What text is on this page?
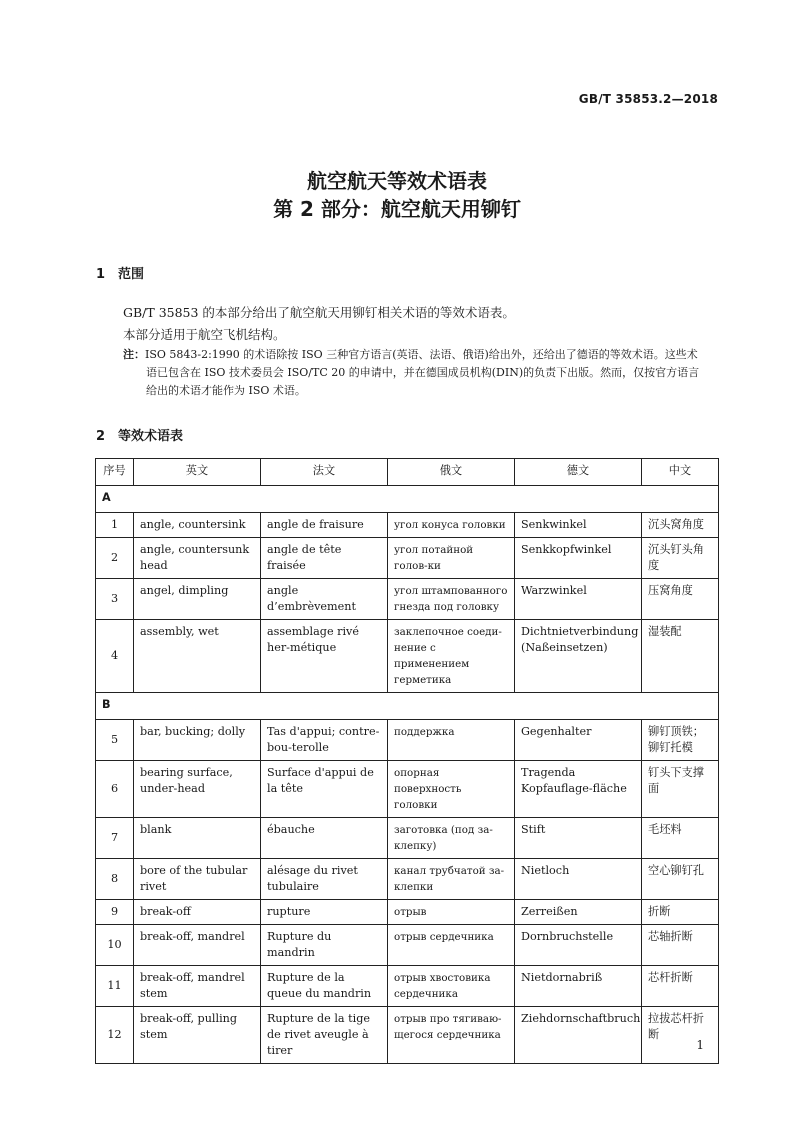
GB/T 35853.2—2018
航空航天等效术语表
第 2 部分：航空航天用铆钉
1 范围
GB/T 35853 的本部分给出了航空航天用铆钉相关术语的等效术语表。
本部分适用于航空飞机结构。
注：ISO 5843-2:1990 的术语除按 ISO 三种官方语言(英语、法语、俄语)给出外，还给出了德语的等效术语。这些术
语已包含在 ISO 技术委员会 ISO/TC 20 的申请中，并在德国成员机构(DIN)的负责下出版。然而，仅按官方语言
给出的术语才能作为 ISO 术语。
2 等效术语表
序号	英文	法文	俄文	德文	中文
A					
1	angle, countersink	angle de fraisure	угол конуса головки	Senkwinkel	沉头窝角度
2	angle, countersunk head	angle de tête fraisée	угол потайной голов-ки	Senkkopfwinkel	沉头钉头角度
3	angel, dimpling	angle d’embrèvement	угол штампованного гнезда под головку	Warzwinkel	压窝角度
4	assembly, wet	assemblage rivé her-métique	заклепочное соеди-нение с применением герметика	Dichtnietverbindung (Naßeinsetzen)	湿装配
B					
5	bar, bucking; dolly	Tas d'appui; contre-bou-terolle	поддержка	Gegenhalter	铆钉顶铁；铆钉托模
6	bearing surface, under-head	Surface d'appui de la tête	опорная поверхность головки	Tragenda Kopfauflage-fläche	钉头下支撑面
7	blank	ébauche	заготовка (под за-клепку)	Stift	毛坯料
8	bore of the tubular rivet	alésage du rivet tubulaire	канал трубчатой за-клепки	Nietloch	空心铆钉孔
9	break-off	rupture	отрыв	Zerreißen	折断
10	break-off, mandrel	Rupture du mandrin	отрыв сердечника	Dornbruchstelle	芯轴折断
11	break-off, mandrel stem	Rupture de la queue du mandrin	отрыв хвостовика сердечника	Nietdornabriß	芯杆折断
12	break-off, pulling stem	Rupture de la tige de rivet aveugle à tirer	отрыв про тягиваю-щегося сердечника	Ziehdornschaftbruch	拉拔芯杆折断
1
